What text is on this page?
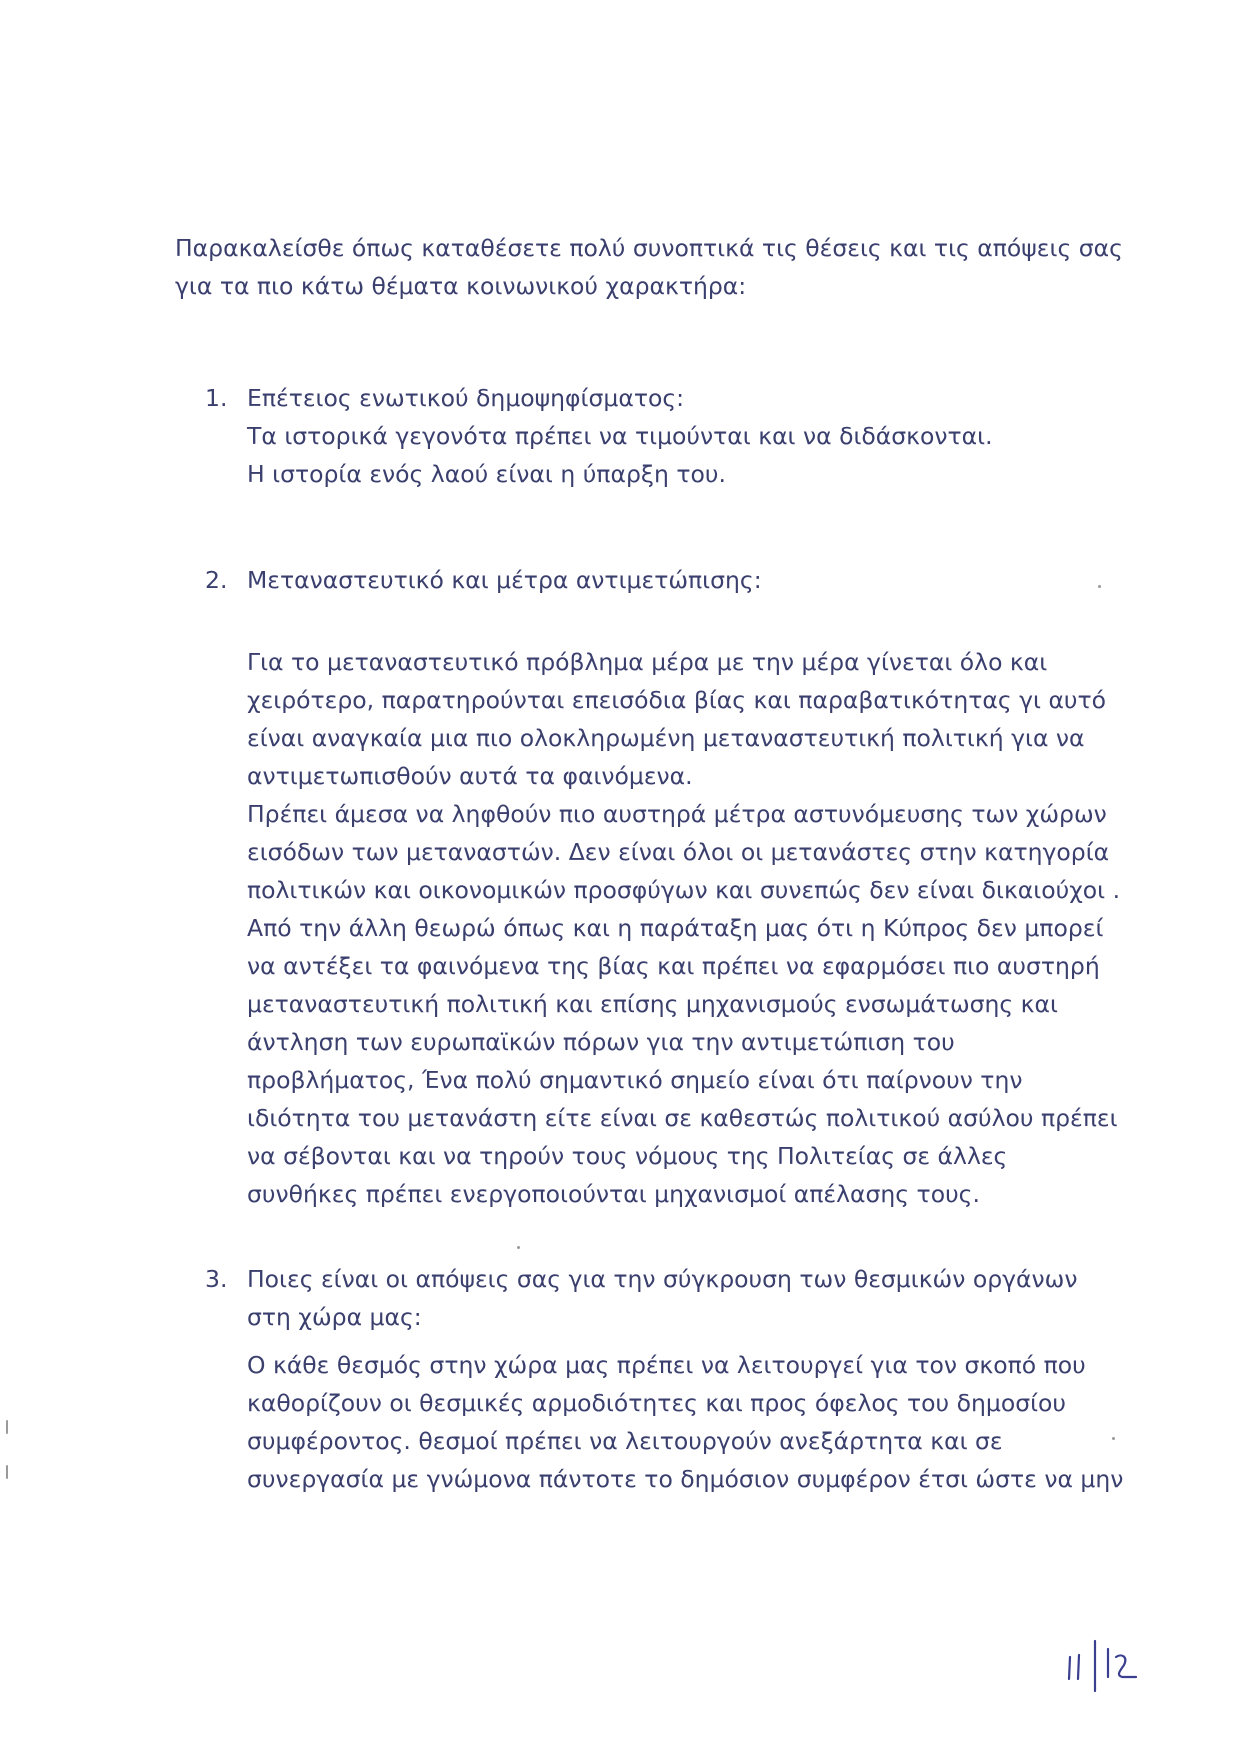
Παρακαλείσθε όπως καταθέσετε πολύ συνοπτικά τις θέσεις και τις απόψεις σας για τα πιο κάτω θέματα κοινωνικού χαρακτήρα:

1. Επέτειος ενωτικού δημοψηφίσματος:

Τα ιστορικά γεγονότα πρέπει να τιμούνται και να διδάσκονται.

Η ιστορία ενός λαού είναι η ύπαρξη του.

2. Μεταναστευτικό και μέτρα αντιμετώπισης:

Για το μεταναστευτικό πρόβλημα μέρα με την μέρα γίνεται όλο και χειρότερο, παρατηρούνται επεισόδια βίας και παραβατικότητας γι αυτό είναι αναγκαία μια πιο ολοκληρωμένη μεταναστευτική πολιτική για να αντιμετωπισθούν αυτά τα φαινόμενα.

Πρέπει άμεσα να ληφθούν πιο αυστηρά μέτρα αστυνόμευσης των χώρων εισόδων των μεταναστών. Δεν είναι όλοι οι μετανάστες στην κατηγορία πολιτικών και οικονομικών προσφύγων και συνεπώς δεν είναι δικαιούχοι . Από την άλλη θεωρώ όπως και η παράταξη μας ότι η Κύπρος δεν μπορεί να αντέξει τα φαινόμενα της βίας και πρέπει να εφαρμόσει πιο αυστηρή μεταναστευτική πολιτική και επίσης μηχανισμούς ενσωμάτωσης και άντληση των ευρωπαϊκών πόρων για την αντιμετώπιση του προβλήματος, Ένα πολύ σημαντικό σημείο είναι ότι παίρνουν την ιδιότητα του μετανάστη είτε είναι σε καθεστώς πολιτικού ασύλου πρέπει να σέβονται και να τηρούν τους νόμους της Πολιτείας σε άλλες συνθήκες πρέπει ενεργοποιούνται μηχανισμοί απέλασης τους.

3. Ποιες είναι οι απόψεις σας για την σύγκρουση των θεσμικών οργάνων στη χώρα μας:

Ο κάθε θεσμός στην χώρα μας πρέπει να λειτουργεί για τον σκοπό που καθορίζουν οι θεσμικές αρμοδιότητες και προς όφελος του δημοσίου συμφέροντος. θεσμοί πρέπει να λειτουργούν ανεξάρτητα και σε συνεργασία με γνώμονα πάντοτε το δημόσιον συμφέρον έτσι ώστε να μην
